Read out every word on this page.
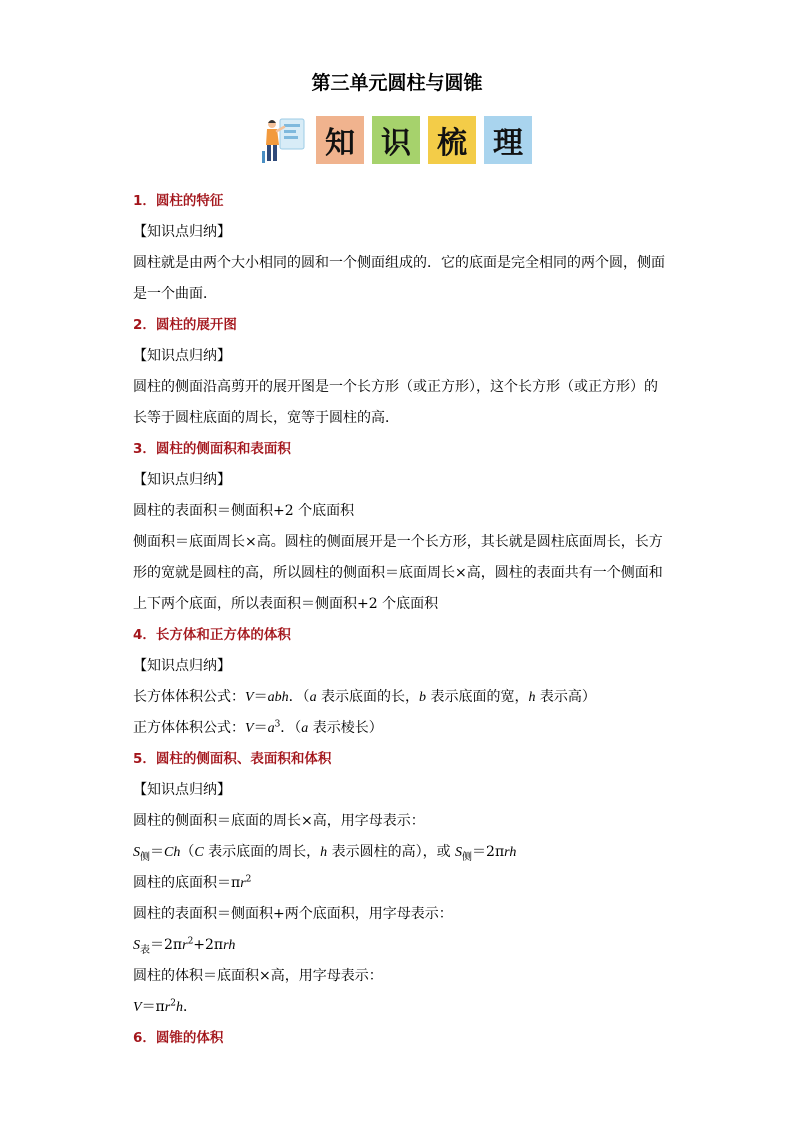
第三单元圆柱与圆锥
知 识 梳 理
1．圆柱的特征
【知识点归纳】
圆柱就是由两个大小相同的圆和一个侧面组成的．它的底面是完全相同的两个圆，侧面
是一个曲面．
2．圆柱的展开图
【知识点归纳】
圆柱的侧面沿高剪开的展开图是一个长方形（或正方形），这个长方形（或正方形）的
长等于圆柱底面的周长，宽等于圆柱的高．
3．圆柱的侧面积和表面积
【知识点归纳】
圆柱的表面积＝侧面积+2 个底面积
侧面积＝底面周长×高。圆柱的侧面展开是一个长方形，其长就是圆柱底面周长，长方
形的宽就是圆柱的高，所以圆柱的侧面积＝底面周长×高，圆柱的表面共有一个侧面和
上下两个底面，所以表面积＝侧面积+2 个底面积
4．长方体和正方体的体积
【知识点归纳】
长方体体积公式：V＝abh．（a 表示底面的长，b 表示底面的宽，h 表示高）
正方体体积公式：$V=a^3$．（a 表示棱长）
5．圆柱的侧面积、表面积和体积
【知识点归纳】
圆柱的侧面积＝底面的周长×高，用字母表示：
$S_侧=Ch(C$ 表示底面的周长，h 表示圆柱的高），或 $S_侧=2\pi rh$
圆柱的底面积$=\pi r^2$
圆柱的表面积＝侧面积+两个底面积，用字母表示：
$S_表=2\pi r^2+2\pi rh$
圆柱的体积＝底面积×高，用字母表示：
$V=\pi r^2h$．
6．圆锥的体积
